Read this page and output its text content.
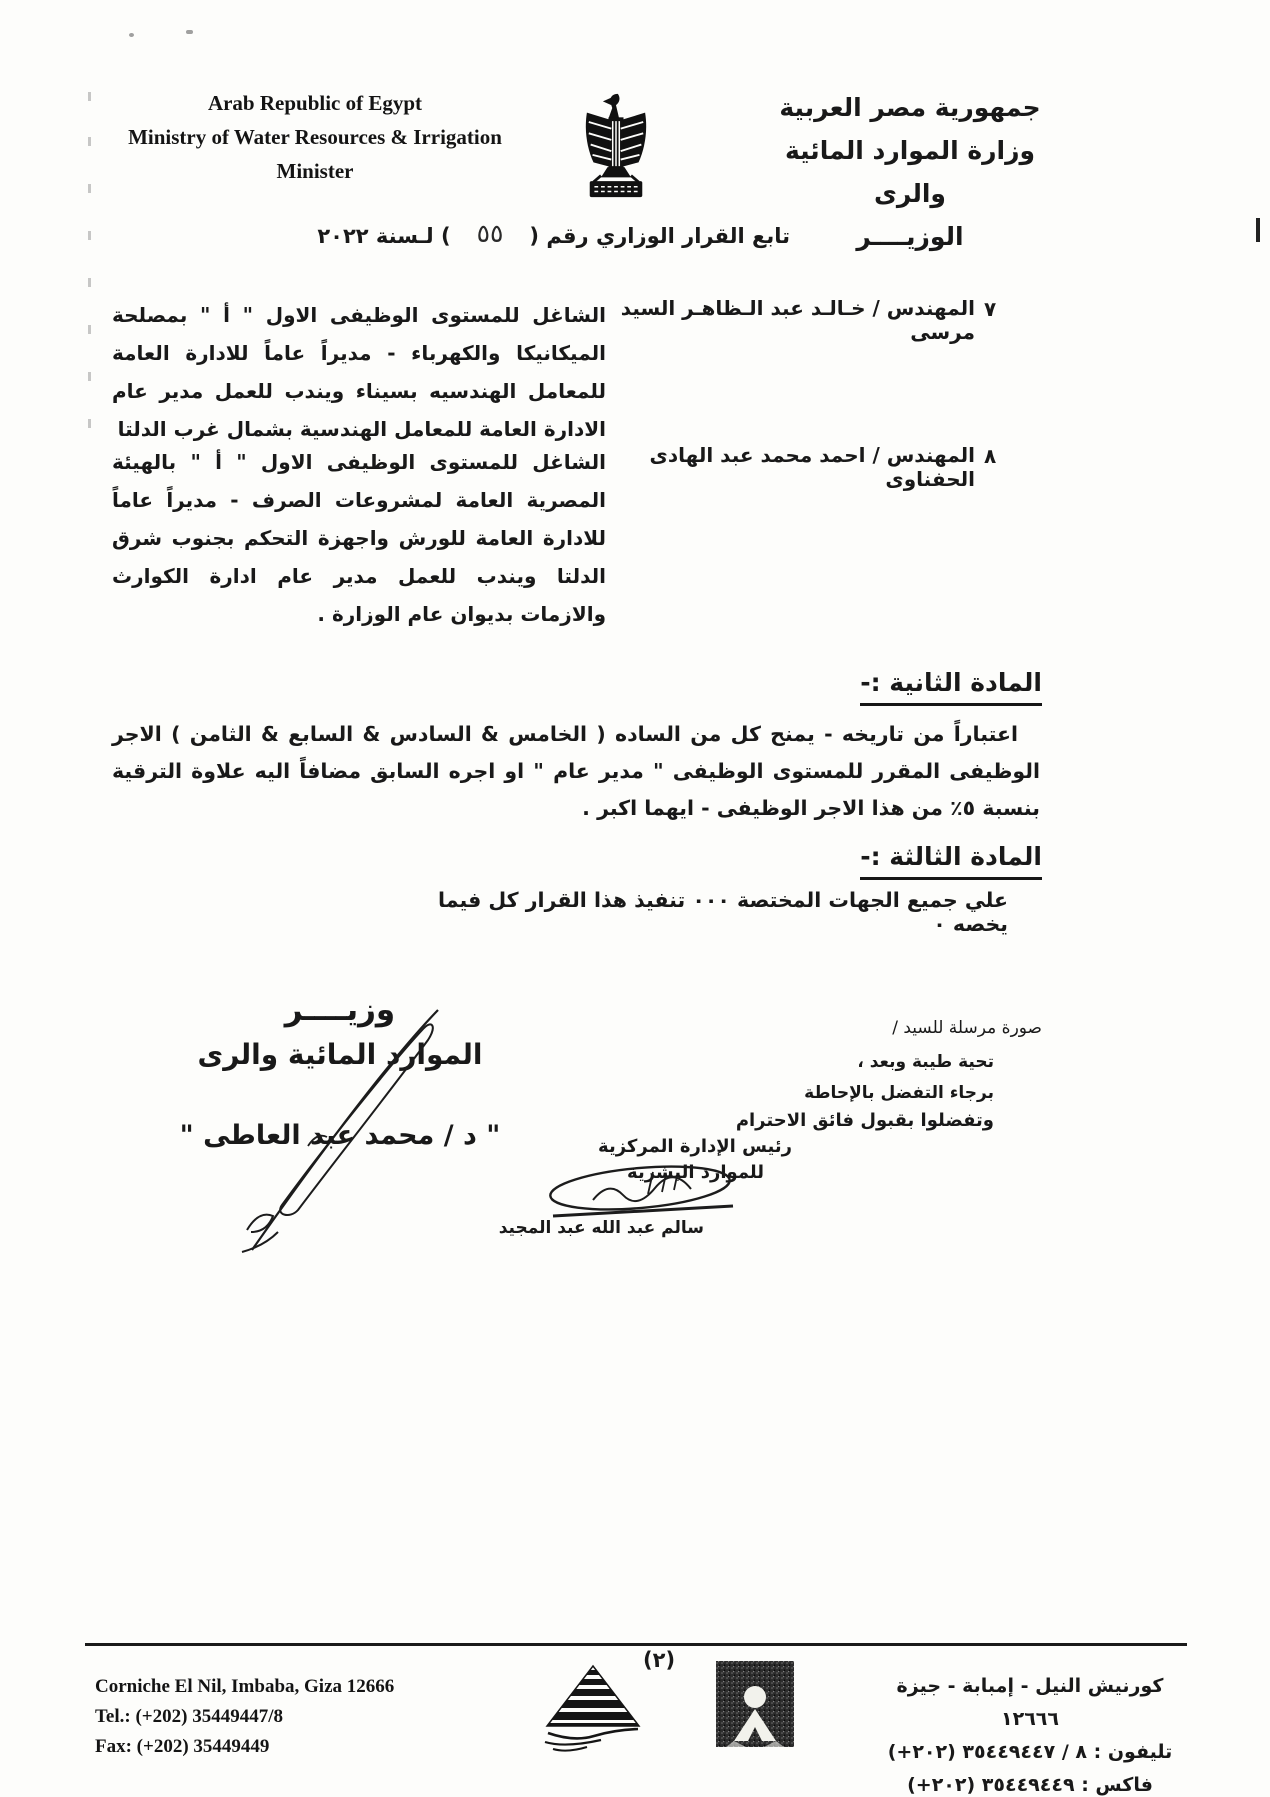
Arab Republic of Egypt
Ministry of Water Resources & Irrigation
Minister
جمهورية مصر العربية
وزارة الموارد المائية والرى
الوزيــــر
تابع القرار الوزاري رقم (٥٥) لـسنة ٢٠٢٢
٧
المهندس / خـالـد عبد الـظاهـر السيد مرسى
الشاغل للمستوى الوظيفى الاول " أ " بمصلحة الميكانيكا والكهرباء - مديراً عاماً للادارة العامة للمعامل الهندسيه بسيناء ويندب للعمل مدير عام الادارة العامة للمعامل الهندسية بشمال غرب الدلتا
٨
المهندس / احمد محمد عبد الهادى الحفناوى
الشاغل للمستوى الوظيفى الاول " أ " بالهيئة المصرية العامة لمشروعات الصرف - مديراً عاماً للادارة العامة للورش واجهزة التحكم بجنوب شرق الدلتا ويندب للعمل مدير عام ادارة الكوارث والازمات بديوان عام الوزارة .
المادة الثانية :-
اعتباراً من تاريخه - يمنح كل من الساده ( الخامس & السادس & السابع & الثامن ) الاجر الوظيفى المقرر للمستوى الوظيفى " مدير عام " او اجره السابق مضافاً اليه علاوة الترقية بنسبة ٥٪ من هذا الاجر الوظيفى - ايهما اكبر .
المادة الثالثة :-
علي جميع الجهات المختصة ٠٠٠ تنفيذ هذا القرار كل فيما يخصه ٠
وزيــــر
الموارد المائية والرى
" د / محمد عبد العاطى "
صورة مرسلة للسيد /
تحية طيبة وبعد ،
برجاء التفضل بالإحاطة
وتفضلوا بقبول فائق الاحترام
رئيس الإدارة المركزية
للموارد البشرية
سالم عبد الله عبد المجيد
(٢)
Corniche El Nil, Imbaba, Giza 12666
Tel.: (+202) 35449447/8
Fax: (+202) 35449449
كورنيش النيل - إمبابة - جيزة ١٢٦٦٦
تليفون : ٨ / ٣٥٤٤٩٤٤٧ (+٢٠٢)
فاكس : ٣٥٤٤٩٤٤٩ (+٢٠٢)
